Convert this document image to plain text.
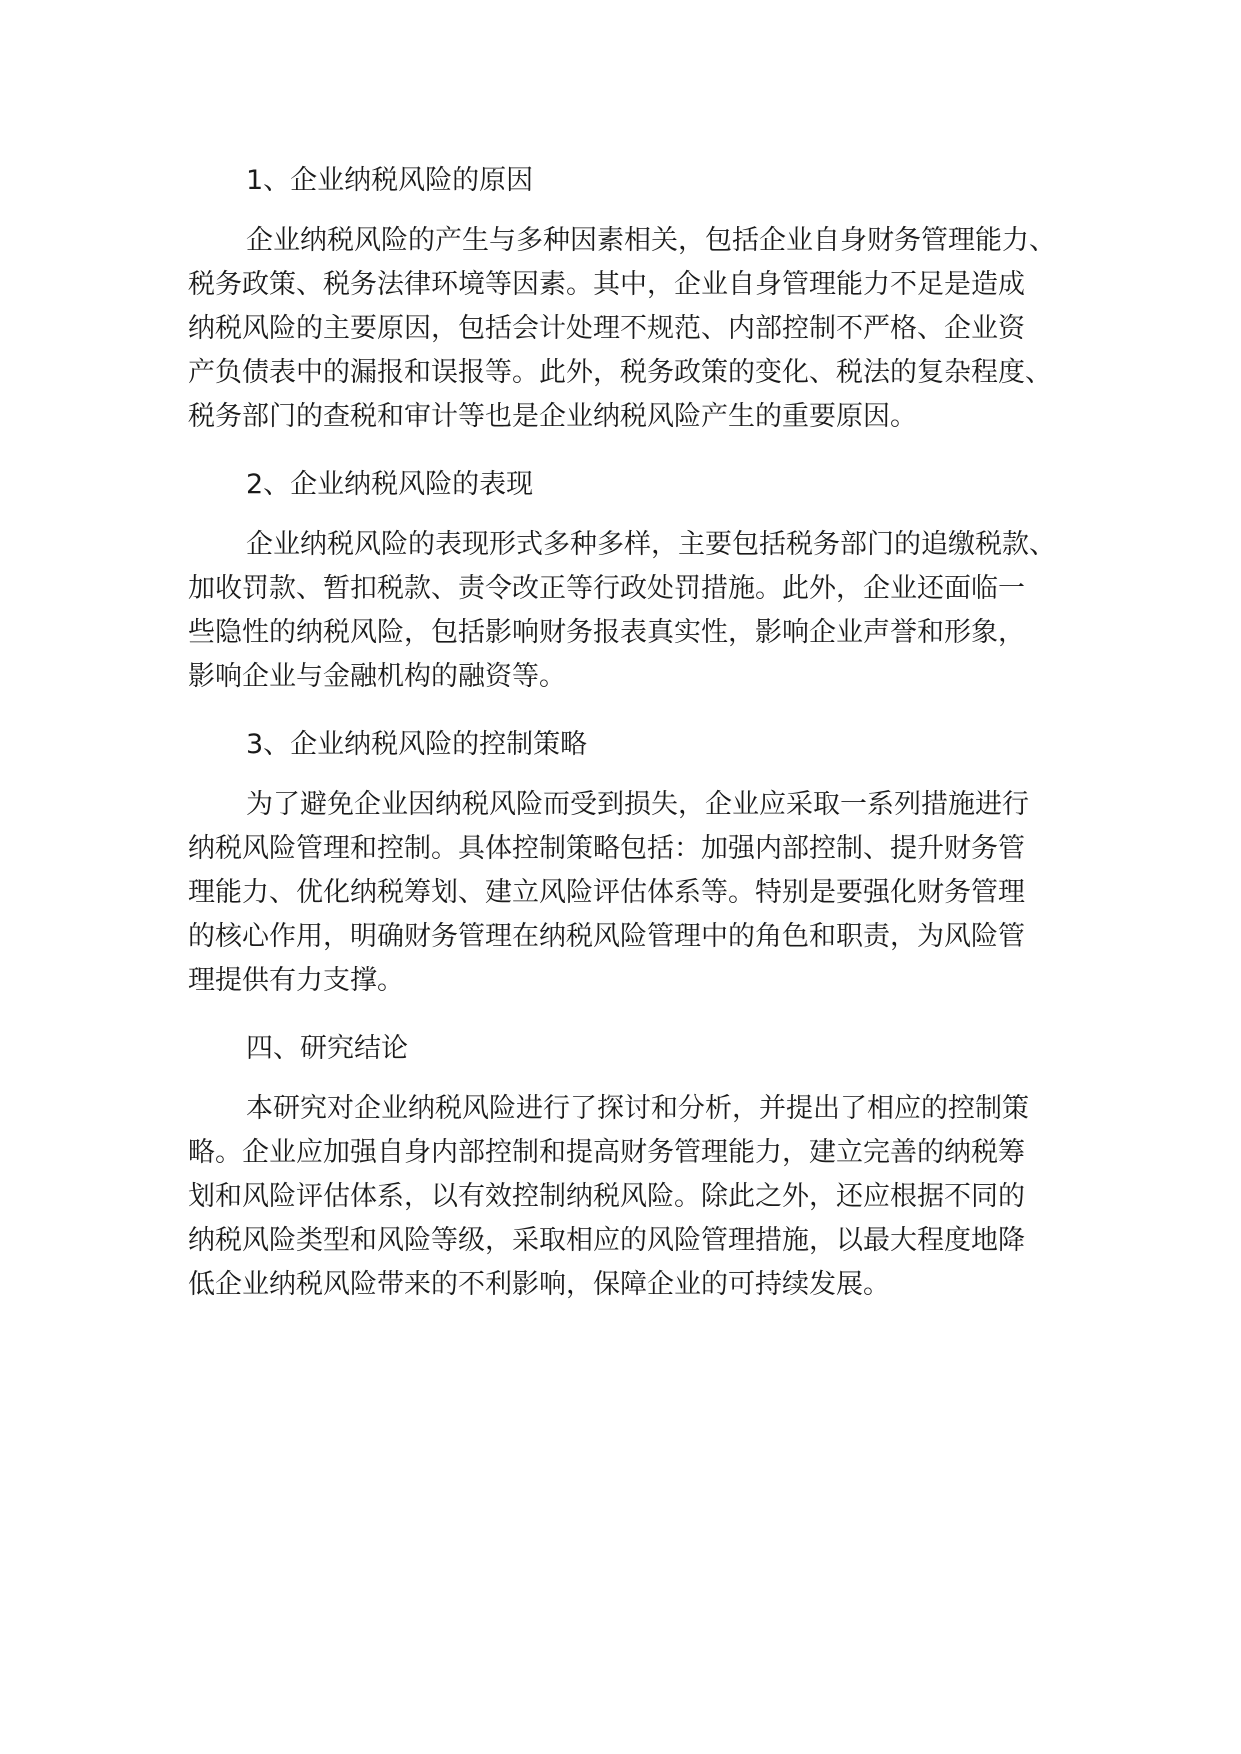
1、企业纳税风险的原因
企业纳税风险的产生与多种因素相关，包括企业自身财务管理能力、
税务政策、税务法律环境等因素。其中，企业自身管理能力不足是造成
纳税风险的主要原因，包括会计处理不规范、内部控制不严格、企业资
产负债表中的漏报和误报等。此外，税务政策的变化、税法的复杂程度、
税务部门的查税和审计等也是企业纳税风险产生的重要原因。
2、企业纳税风险的表现
企业纳税风险的表现形式多种多样，主要包括税务部门的追缴税款、
加收罚款、暂扣税款、责令改正等行政处罚措施。此外，企业还面临一
些隐性的纳税风险，包括影响财务报表真实性，影响企业声誉和形象，
影响企业与金融机构的融资等。
3、企业纳税风险的控制策略
为了避免企业因纳税风险而受到损失，企业应采取一系列措施进行
纳税风险管理和控制。具体控制策略包括：加强内部控制、提升财务管
理能力、优化纳税筹划、建立风险评估体系等。特别是要强化财务管理
的核心作用，明确财务管理在纳税风险管理中的角色和职责，为风险管
理提供有力支撑。
四、研究结论
本研究对企业纳税风险进行了探讨和分析，并提出了相应的控制策
略。企业应加强自身内部控制和提高财务管理能力，建立完善的纳税筹
划和风险评估体系，以有效控制纳税风险。除此之外，还应根据不同的
纳税风险类型和风险等级，采取相应的风险管理措施，以最大程度地降
低企业纳税风险带来的不利影响，保障企业的可持续发展。
